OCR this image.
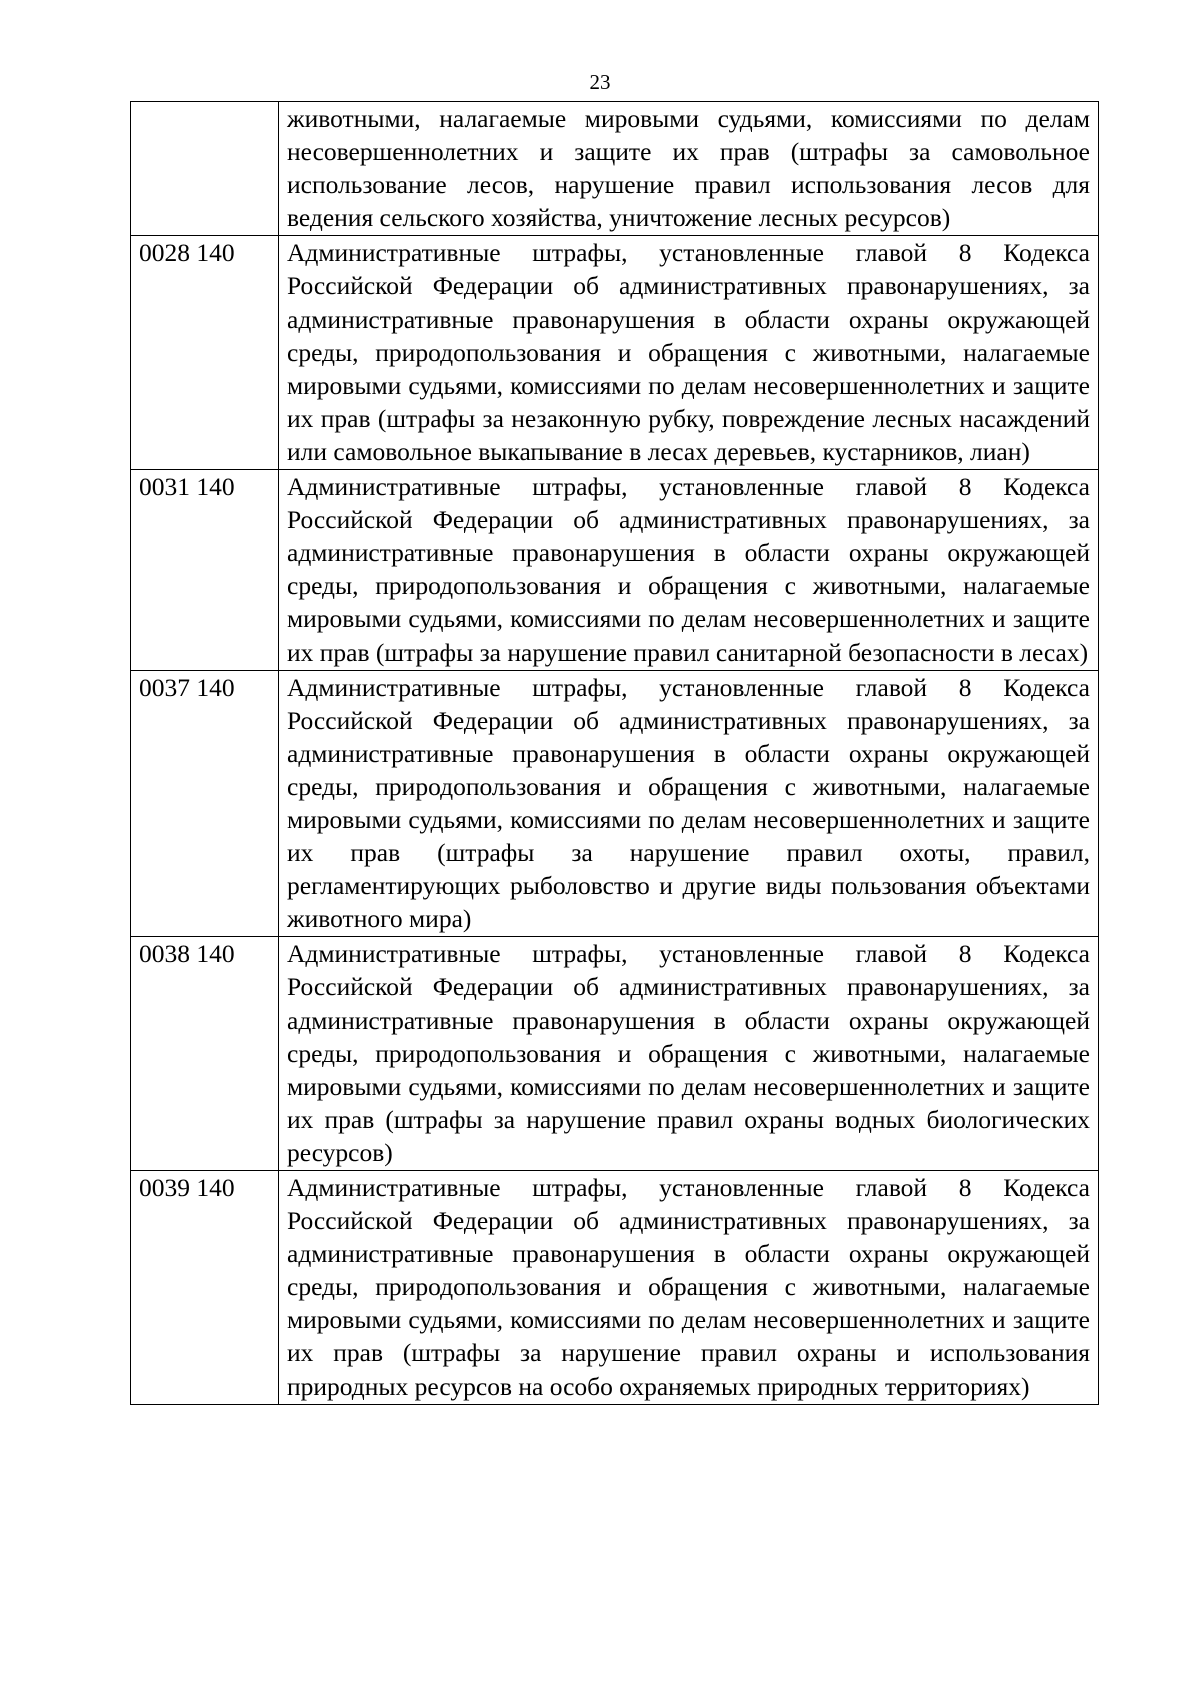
23
	животными, налагаемые мировыми судьями, комиссиями по делам несовершеннолетних и защите их прав (штрафы за самовольное использование лесов, нарушение правил использования лесов для ведения сельского хозяйства, уничтожение лесных ресурсов)
0028 140	Административные штрафы, установленные главой 8 Кодекса Российской Федерации об административных правонарушениях, за административные правонарушения в области охраны окружающей среды, природопользования и обращения с животными, налагаемые мировыми судьями, комиссиями по делам несовершеннолетних и защите их прав (штрафы за незаконную рубку, повреждение лесных насаждений или самовольное выкапывание в лесах деревьев, кустарников, лиан)
0031 140	Административные штрафы, установленные главой 8 Кодекса Российской Федерации об административных правонарушениях, за административные правонарушения в области охраны окружающей среды, природопользования и обращения с животными, налагаемые мировыми судьями, комиссиями по делам несовершеннолетних и защите их прав (штрафы за нарушение правил санитарной безопасности в лесах)
0037 140	Административные штрафы, установленные главой 8 Кодекса Российской Федерации об административных правонарушениях, за административные правонарушения в области охраны окружающей среды, природопользования и обращения с животными, налагаемые мировыми судьями, комиссиями по делам несовершеннолетних и защите их прав (штрафы за нарушение правил охоты, правил, регламентирующих рыболовство и другие виды пользования объектами животного мира)
0038 140	Административные штрафы, установленные главой 8 Кодекса Российской Федерации об административных правонарушениях, за административные правонарушения в области охраны окружающей среды, природопользования и обращения с животными, налагаемые мировыми судьями, комиссиями по делам несовершеннолетних и защите их прав (штрафы за нарушение правил охраны водных биологических ресурсов)
0039 140	Административные штрафы, установленные главой 8 Кодекса Российской Федерации об административных правонарушениях, за административные правонарушения в области охраны окружающей среды, природопользования и обращения с животными, налагаемые мировыми судьями, комиссиями по делам несовершеннолетних и защите их прав (штрафы за нарушение правил охраны и использования природных ресурсов на особо охраняемых природных территориях)
